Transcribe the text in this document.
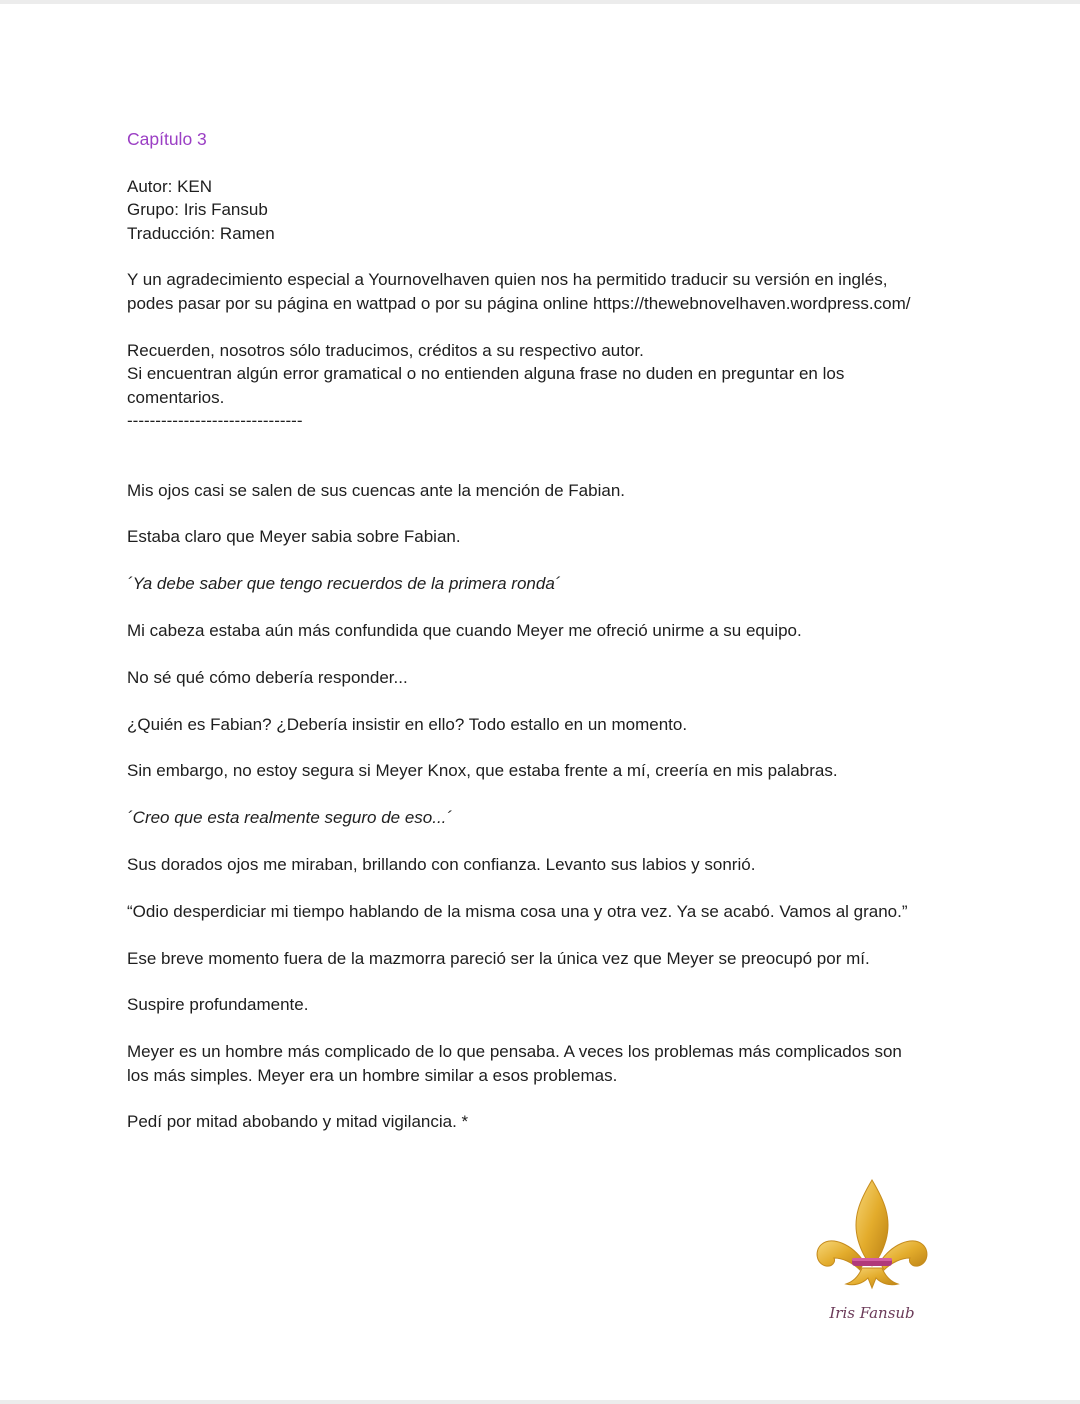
Capítulo 3

Autor: KEN
Grupo: Iris Fansub
Traducción: Ramen

Y un agradecimiento especial a Yournovelhaven quien nos ha permitido traducir su versión en inglés,
podes pasar por su página en wattpad o por su página online https://thewebnovelhaven.wordpress.com/

Recuerden, nosotros sólo traducimos, créditos a su respectivo autor.
Si encuentran algún error gramatical o no entienden alguna frase no duden en preguntar en los
comentarios.

-------------------------------

Mis ojos casi se salen de sus cuencas ante la mención de Fabian.

Estaba claro que Meyer sabia sobre Fabian.

´Ya debe saber que tengo recuerdos de la primera ronda´

Mi cabeza estaba aún más confundida que cuando Meyer me ofreció unirme a su equipo.

No sé qué cómo debería responder...

¿Quién es Fabian? ¿Debería insistir en ello? Todo estallo en un momento.

Sin embargo, no estoy segura si Meyer Knox, que estaba frente a mí, creería en mis palabras.

´Creo que esta realmente seguro de eso...´

Sus dorados ojos me miraban, brillando con confianza. Levanto sus labios y sonrió.

“Odio desperdiciar mi tiempo hablando de la misma cosa una y otra vez. Ya se acabó. Vamos al grano.”

Ese breve momento fuera de la mazmorra pareció ser la única vez que Meyer se preocupó por mí.

Suspire profundamente.

Meyer es un hombre más complicado de lo que pensaba. A veces los problemas más complicados son
los más simples. Meyer era un hombre similar a esos problemas.

Pedí por mitad abobando y mitad vigilancia. *

Iris Fansub
